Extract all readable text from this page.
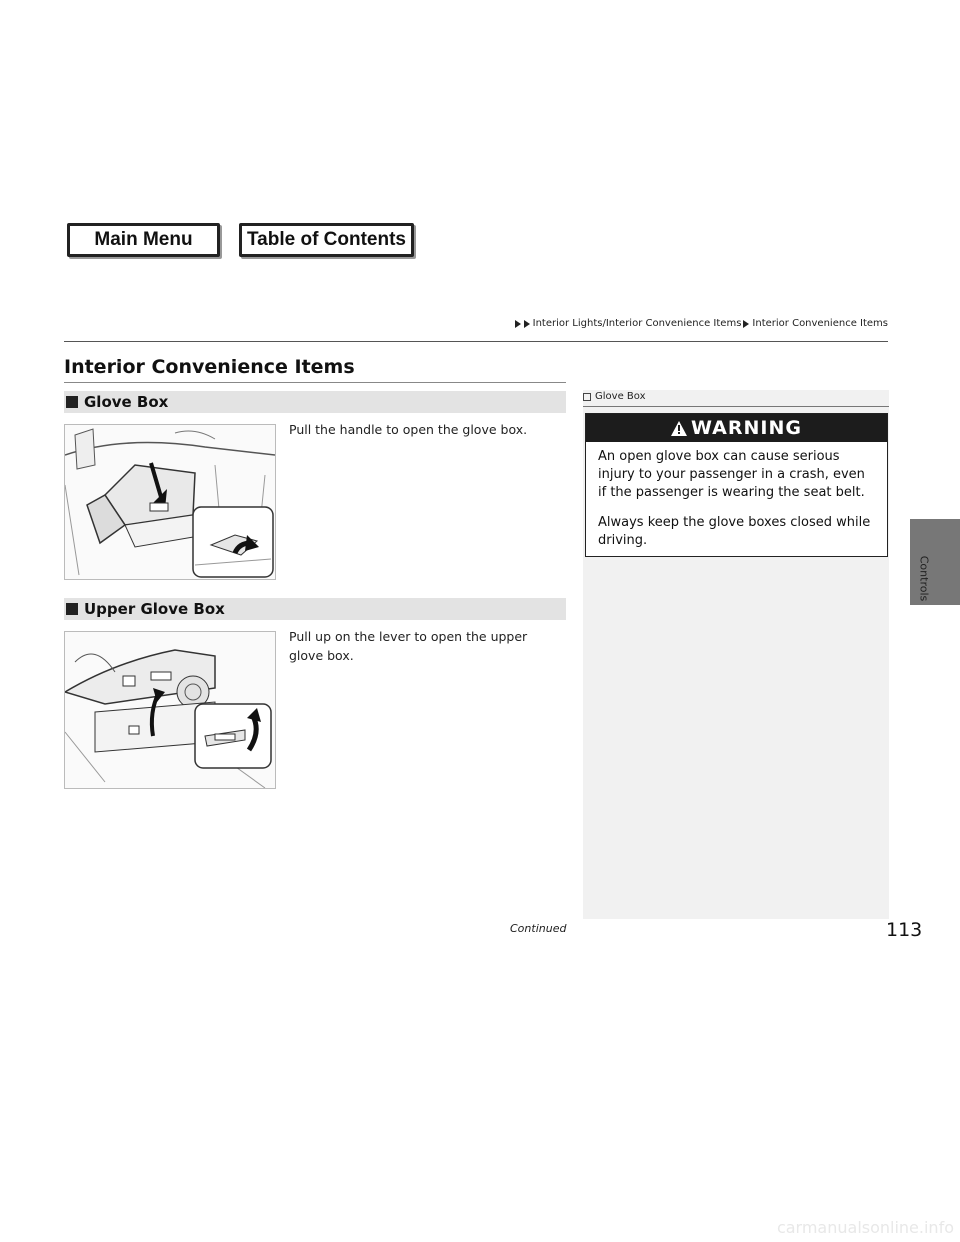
Main Menu	Table of Contents
Interior Lights/Interior Convenience Items Interior Convenience Items
Interior Convenience Items
Glove Box
Pull the handle to open the glove box.
Upper Glove Box
Pull up on the lever to open the upper glove box.
Glove Box
WARNING

An open glove box can cause serious injury to your passenger in a crash, even if the passenger is wearing the seat belt.

Always keep the glove boxes closed while driving.

Controls
Continued	113
carmanualsonline.info
